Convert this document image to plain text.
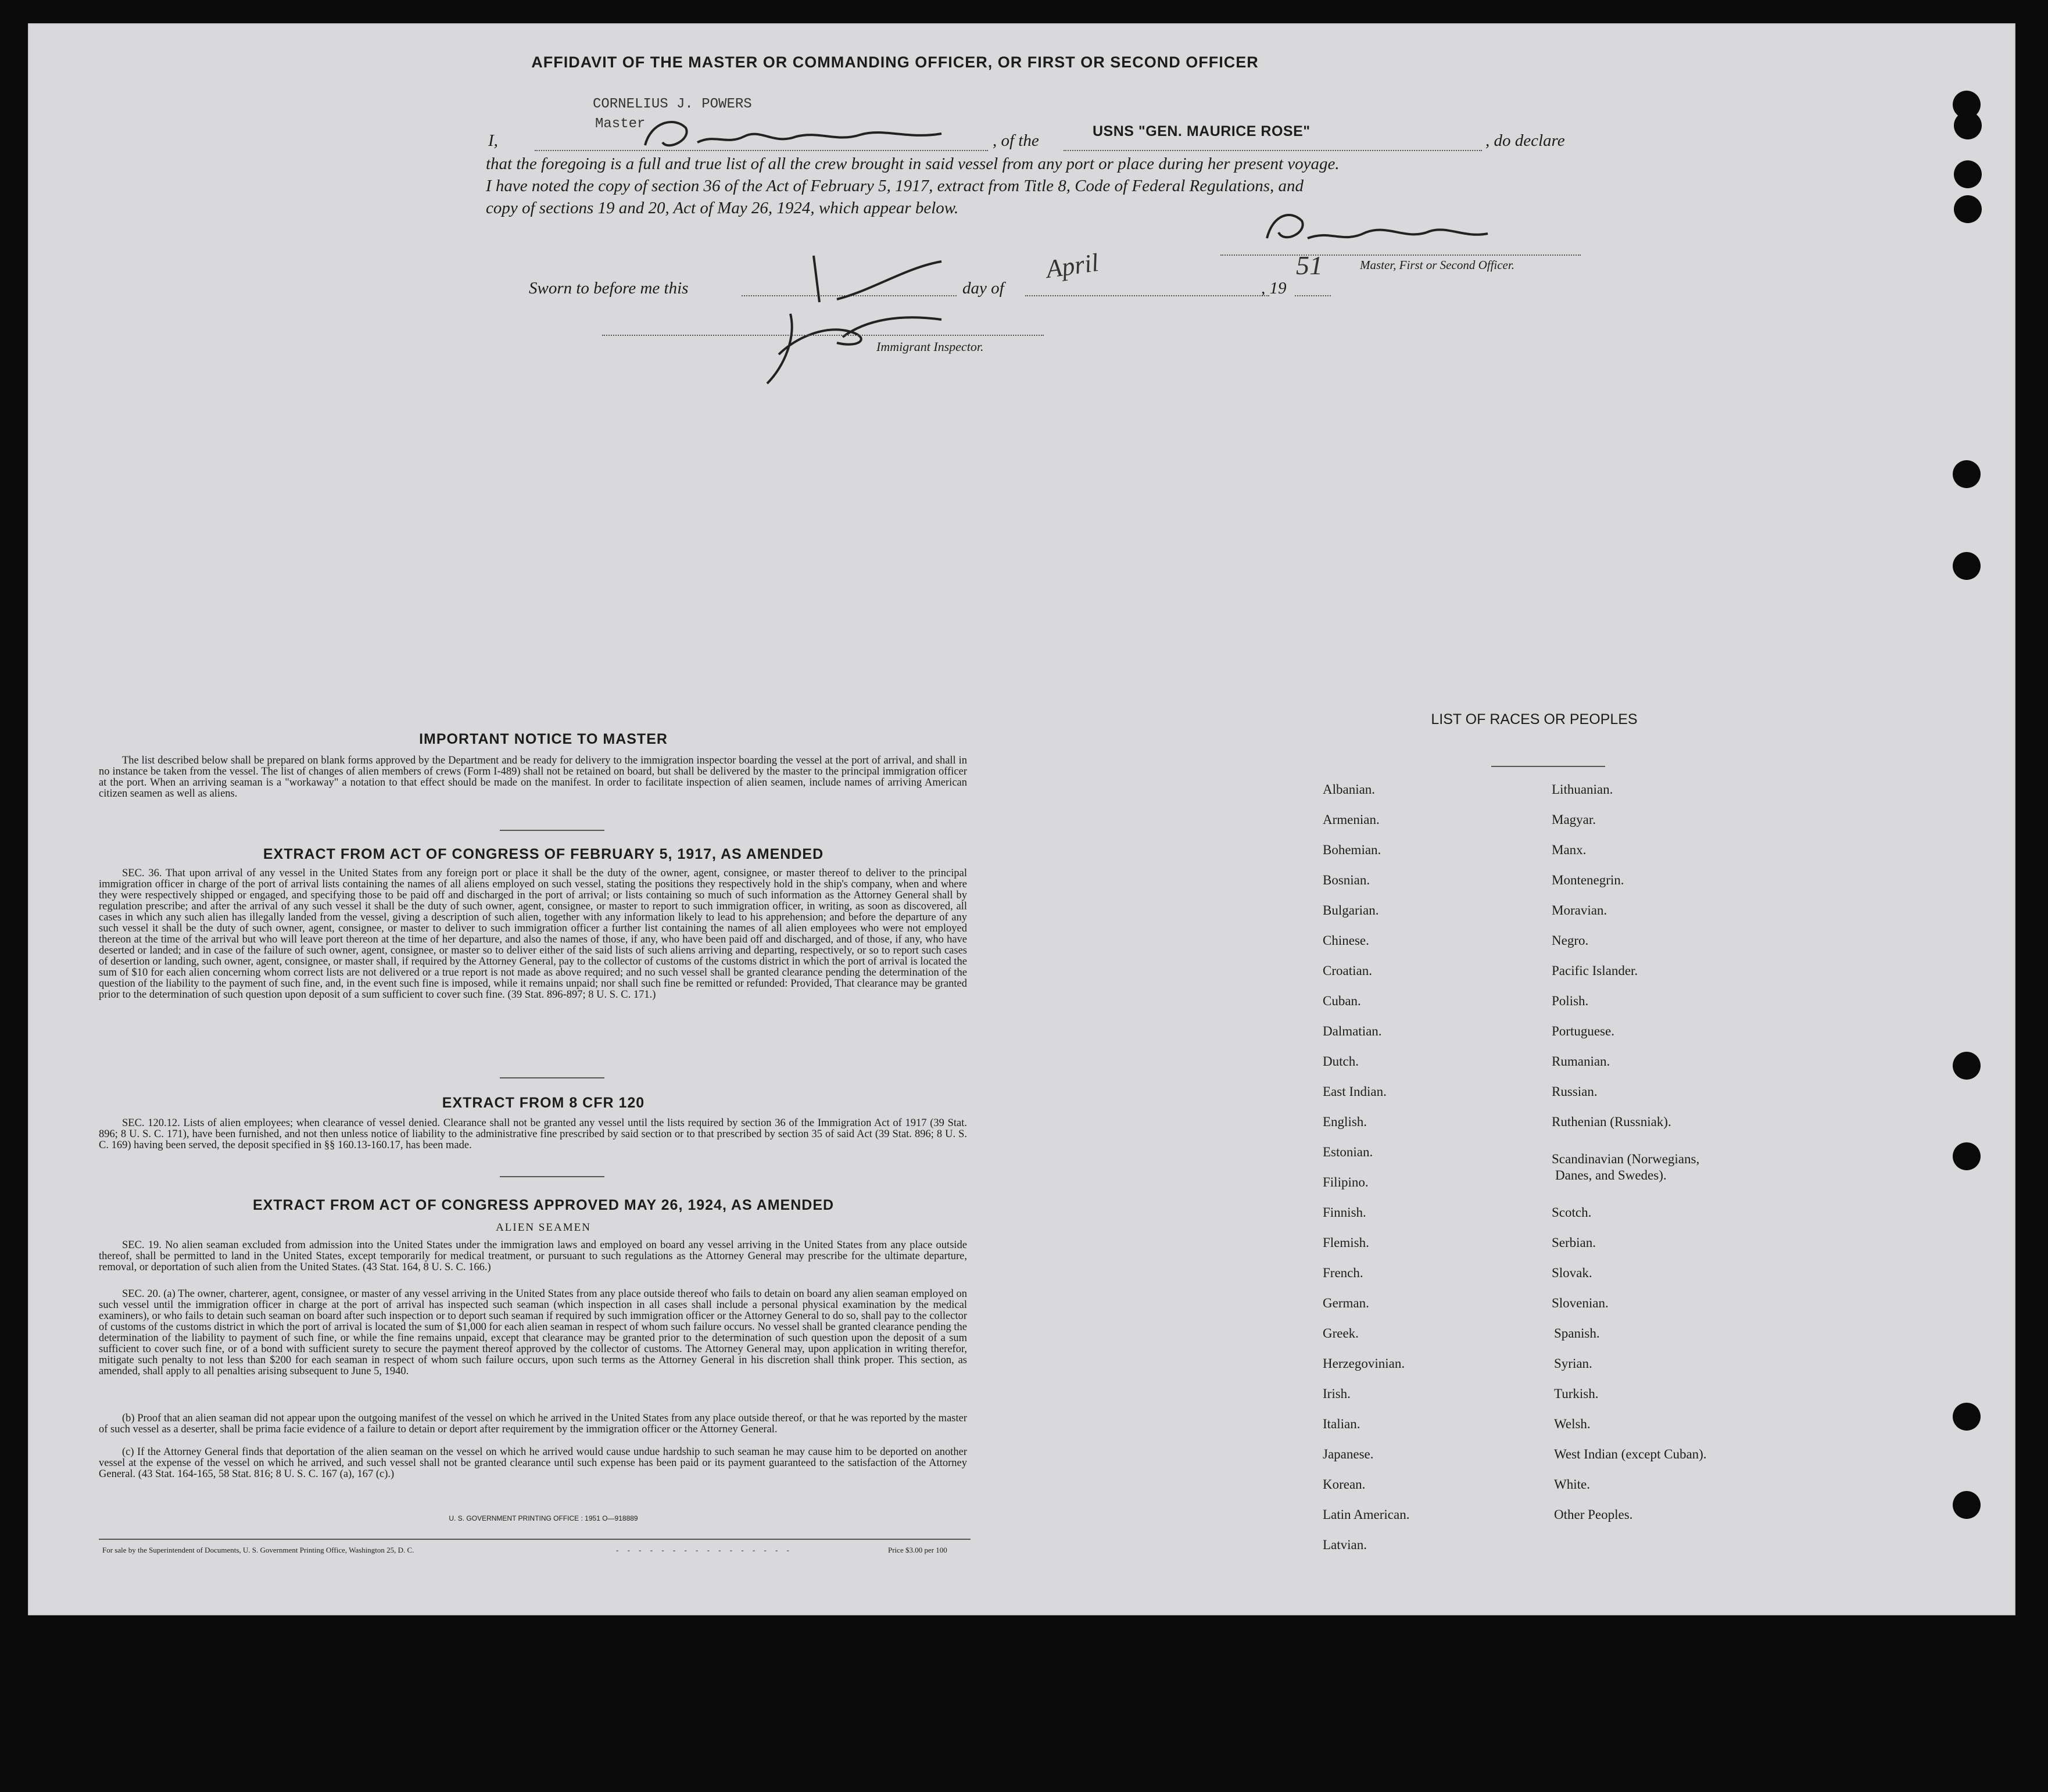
AFFIDAVIT OF THE MASTER OR COMMANDING OFFICER, OR FIRST OR SECOND OFFICER
CORNELIUS J. POWERS
Master
I,	, of the	USNS "GEN. MAURICE ROSE"	, do declare
that the foregoing is a full and true list of all the crew brought in said vessel from any port or place during her present voyage.
I have noted the copy of section 36 of the Act of February 5, 1917, extract from Title 8, Code of Federal Regulations, and
copy of sections 19 and 20, Act of May 26, 1924, which appear below.
Master, First or Second Officer.
Sworn to before me this	day of
April
, 19
51
Immigrant Inspector.
IMPORTANT NOTICE TO MASTER
The list described below shall be prepared on blank forms approved by the Department and be ready for delivery to the immigration inspector boarding the vessel at the port of arrival, and shall in no instance be taken from the vessel. The list of changes of alien members of crews (Form I-489) shall not be retained on board, but shall be delivered by the master to the principal immigration officer at the port. When an arriving seaman is a "workaway" a notation to that effect should be made on the manifest. In order to facilitate inspection of alien seamen, include names of arriving American citizen seamen as well as aliens.
EXTRACT FROM ACT OF CONGRESS OF FEBRUARY 5, 1917, AS AMENDED
SEC. 36. That upon arrival of any vessel in the United States from any foreign port or place it shall be the duty of the owner, agent, consignee, or master thereof to deliver to the principal immigration officer in charge of the port of arrival lists containing the names of all aliens employed on such vessel, stating the positions they respectively hold in the ship's company, when and where they were respectively shipped or engaged, and specifying those to be paid off and discharged in the port of arrival; or lists containing so much of such information as the Attorney General shall by regulation prescribe; and after the arrival of any such vessel it shall be the duty of such owner, agent, consignee, or master to report to such immigration officer, in writing, as soon as discovered, all cases in which any such alien has illegally landed from the vessel, giving a description of such alien, together with any information likely to lead to his apprehension; and before the departure of any such vessel it shall be the duty of such owner, agent, consignee, or master to deliver to such immigration officer a further list containing the names of all alien employees who were not employed thereon at the time of the arrival but who will leave port thereon at the time of her departure, and also the names of those, if any, who have been paid off and discharged, and of those, if any, who have deserted or landed; and in case of the failure of such owner, agent, consignee, or master so to deliver either of the said lists of such aliens arriving and departing, respectively, or so to report such cases of desertion or landing, such owner, agent, consignee, or master shall, if required by the Attorney General, pay to the collector of customs of the customs district in which the port of arrival is located the sum of $10 for each alien concerning whom correct lists are not delivered or a true report is not made as above required; and no such vessel shall be granted clearance pending the determination of the question of the liability to the payment of such fine, and, in the event such fine is imposed, while it remains unpaid; nor shall such fine be remitted or refunded: Provided, That clearance may be granted prior to the determination of such question upon deposit of a sum sufficient to cover such fine. (39 Stat. 896-897; 8 U. S. C. 171.)
EXTRACT FROM 8 CFR 120
SEC. 120.12. Lists of alien employees; when clearance of vessel denied. Clearance shall not be granted any vessel until the lists required by section 36 of the Immigration Act of 1917 (39 Stat. 896; 8 U. S. C. 171), have been furnished, and not then unless notice of liability to the administrative fine prescribed by said section or to that prescribed by section 35 of said Act (39 Stat. 896; 8 U. S. C. 169) having been served, the deposit specified in §§ 160.13-160.17, has been made.
EXTRACT FROM ACT OF CONGRESS APPROVED MAY 26, 1924, AS AMENDED
ALIEN SEAMEN
SEC. 19. No alien seaman excluded from admission into the United States under the immigration laws and employed on board any vessel arriving in the United States from any place outside thereof, shall be permitted to land in the United States, except temporarily for medical treatment, or pursuant to such regulations as the Attorney General may prescribe for the ultimate departure, removal, or deportation of such alien from the United States. (43 Stat. 164, 8 U. S. C. 166.)
SEC. 20. (a) The owner, charterer, agent, consignee, or master of any vessel arriving in the United States from any place outside thereof who fails to detain on board any alien seaman employed on such vessel until the immigration officer in charge at the port of arrival has inspected such seaman (which inspection in all cases shall include a personal physical examination by the medical examiners), or who fails to detain such seaman on board after such inspection or to deport such seaman if required by such immigration officer or the Attorney General to do so, shall pay to the collector of customs of the customs district in which the port of arrival is located the sum of $1,000 for each alien seaman in respect of whom such failure occurs. No vessel shall be granted clearance pending the determination of the liability to payment of such fine, or while the fine remains unpaid, except that clearance may be granted prior to the determination of such question upon the deposit of a sum sufficient to cover such fine, or of a bond with sufficient surety to secure the payment thereof approved by the collector of customs. The Attorney General may, upon application in writing therefor, mitigate such penalty to not less than $200 for each seaman in respect of whom such failure occurs, upon such terms as the Attorney General in his discretion shall think proper. This section, as amended, shall apply to all penalties arising subsequent to June 5, 1940.
(b) Proof that an alien seaman did not appear upon the outgoing manifest of the vessel on which he arrived in the United States from any place outside thereof, or that he was reported by the master of such vessel as a deserter, shall be prima facie evidence of a failure to detain or deport after requirement by the immigration officer or the Attorney General.
(c) If the Attorney General finds that deportation of the alien seaman on the vessel on which he arrived would cause undue hardship to such seaman he may cause him to be deported on another vessel at the expense of the vessel on which he arrived, and such vessel shall not be granted clearance until such expense has been paid or its payment guaranteed to the satisfaction of the Attorney General. (43 Stat. 164-165, 58 Stat. 816; 8 U. S. C. 167 (a), 167 (c).)
U. S. GOVERNMENT PRINTING OFFICE : 1951 O—918889
For sale by the Superintendent of Documents, U. S. Government Printing Office, Washington 25, D. C.	- - - - - - - - - - - - - - - -	Price $3.00 per 100
LIST OF RACES OR PEOPLES
Albanian.
Armenian.
Bohemian.
Bosnian.
Bulgarian.
Chinese.
Croatian.
Cuban.
Dalmatian.
Dutch.
East Indian.
English.
Estonian.
Filipino.
Finnish.
Flemish.
French.
German.
Greek.
Herzegovinian.
Irish.
Italian.
Japanese.
Korean.
Latin American.
Latvian.
Lithuanian.
Magyar.
Manx.
Montenegrin.
Moravian.
Negro.
Pacific Islander.
Polish.
Portuguese.
Rumanian.
Russian.
Ruthenian (Russniak).
Scandinavian (Norwegians,
Danes, and Swedes).
Scotch.
Serbian.
Slovak.
Slovenian.
Spanish.
Syrian.
Turkish.
Welsh.
West Indian (except Cuban).
White.
Other Peoples.
